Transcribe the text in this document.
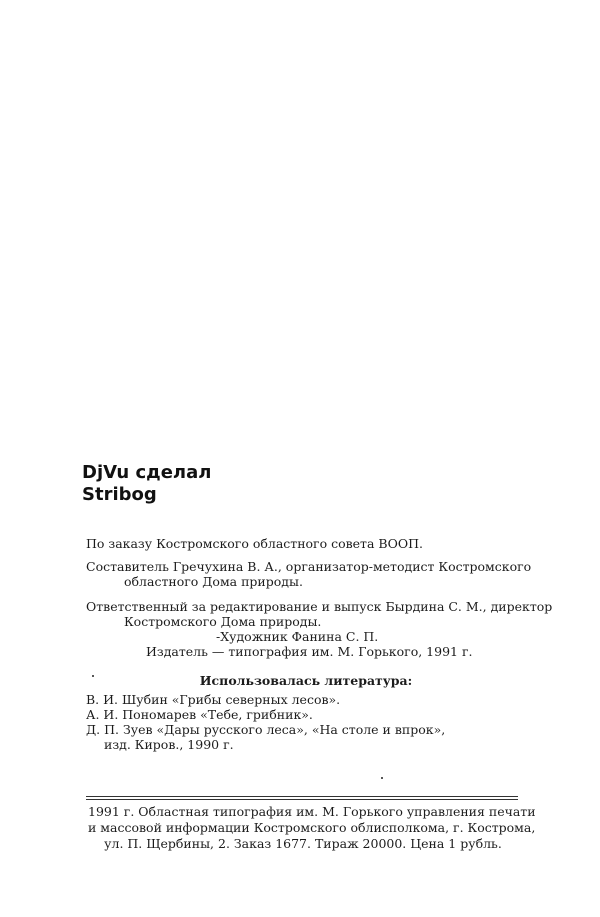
DjVu сделал
Stribog
По заказу Костромского областного совета ВООП.
Составитель Гречухина В. А., организатор-методист Костромского
областного Дома природы.
Ответственный за редактирование и выпуск Бырдина С. М., директор
Костромского Дома природы.
-Художник Фанина С. П.
Издатель — типография им. М. Горького, 1991 г.
Использовалась литература:
В. И. Шубин «Грибы северных лесов».
А. И. Пономарев «Тебе, грибник».
Д. П. Зуев «Дары русского леса», «На столе и впрок»,
изд. Киров., 1990 г.
1991 г. Областная типография им. М. Горького управления печати
и массовой информации Костромского облисполкома, г. Кострома,
ул. П. Щербины, 2. Заказ 1677. Тираж 20000. Цена 1 рубль.
